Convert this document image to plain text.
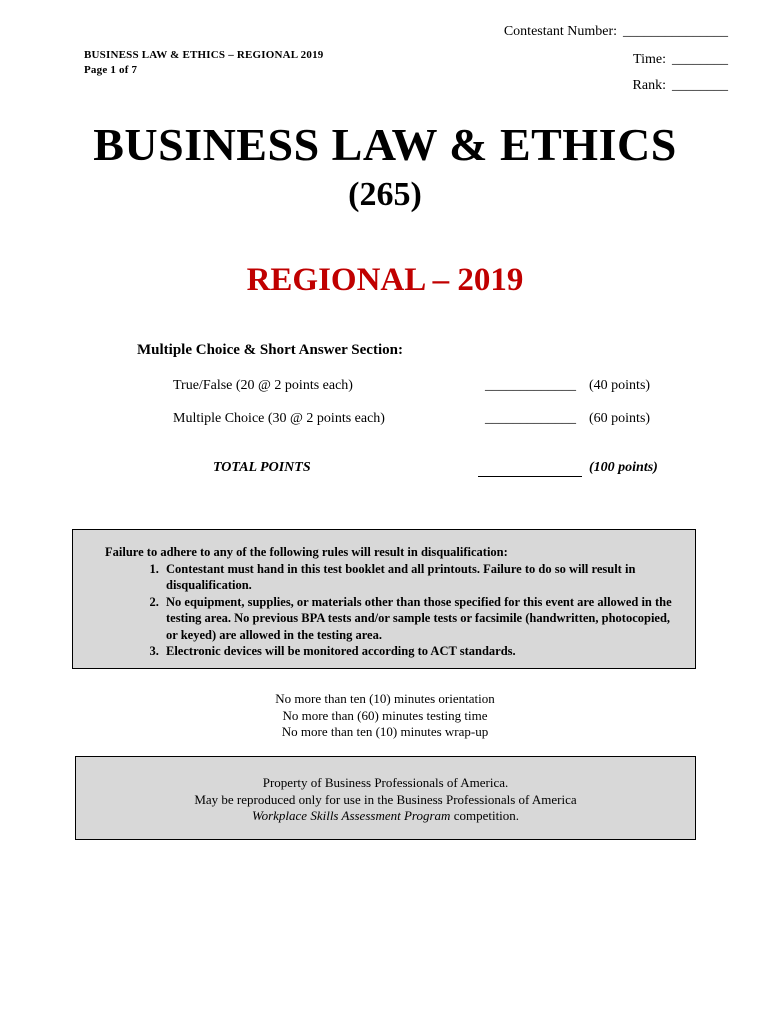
Contestant Number: _______________
Time: ________
Rank: ________
BUSINESS LAW & ETHICS – REGIONAL 2019
Page 1 of 7
BUSINESS LAW & ETHICS
(265)
REGIONAL – 2019
Multiple Choice & Short Answer Section:
True/False (20 @ 2 points each)	_____________ (40 points)
Multiple Choice (30 @ 2 points each)	_____________ (60 points)
TOTAL POINTS	(100 points)
Failure to adhere to any of the following rules will result in disqualification:
1. Contestant must hand in this test booklet and all printouts. Failure to do so will result in disqualification.
2. No equipment, supplies, or materials other than those specified for this event are allowed in the testing area. No previous BPA tests and/or sample tests or facsimile (handwritten, photocopied, or keyed) are allowed in the testing area.
3. Electronic devices will be monitored according to ACT standards.
No more than ten (10) minutes orientation
No more than (60) minutes testing time
No more than ten (10) minutes wrap-up
Property of Business Professionals of America.
May be reproduced only for use in the Business Professionals of America
Workplace Skills Assessment Program competition.
